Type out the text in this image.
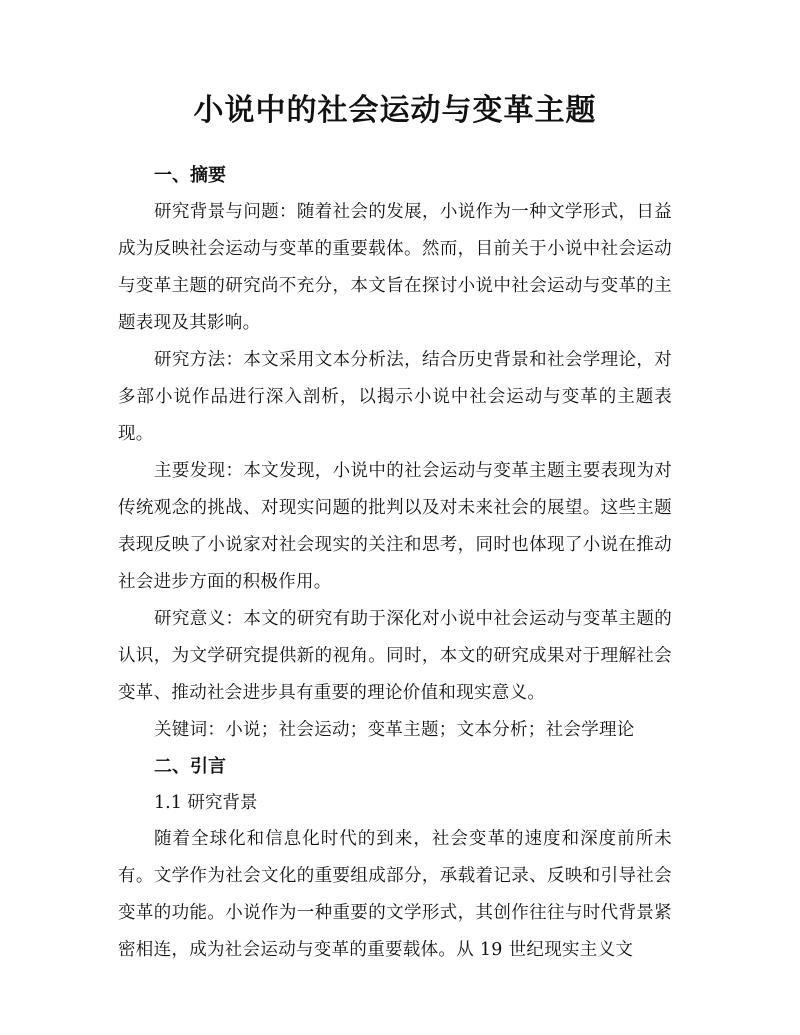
小说中的社会运动与变革主题
一、摘要

研究背景与问题：随着社会的发展，小说作为一种文学形式，日益成为反映社会运动与变革的重要载体。然而，目前关于小说中社会运动与变革主题的研究尚不充分，本文旨在探讨小说中社会运动与变革的主题表现及其影响。

研究方法：本文采用文本分析法，结合历史背景和社会学理论，对多部小说作品进行深入剖析，以揭示小说中社会运动与变革的主题表现。

主要发现：本文发现，小说中的社会运动与变革主题主要表现为对传统观念的挑战、对现实问题的批判以及对未来社会的展望。这些主题表现反映了小说家对社会现实的关注和思考，同时也体现了小说在推动社会进步方面的积极作用。

研究意义：本文的研究有助于深化对小说中社会运动与变革主题的认识，为文学研究提供新的视角。同时，本文的研究成果对于理解社会变革、推动社会进步具有重要的理论价值和现实意义。

关键词：小说；社会运动；变革主题；文本分析；社会学理论

二、引言
1.1 研究背景

随着全球化和信息化时代的到来，社会变革的速度和深度前所未有。文学作为社会文化的重要组成部分，承载着记录、反映和引导社会变革的功能。小说作为一种重要的文学形式，其创作往往与时代背景紧密相连，成为社会运动与变革的重要载体。从 19 世纪现实主义文
